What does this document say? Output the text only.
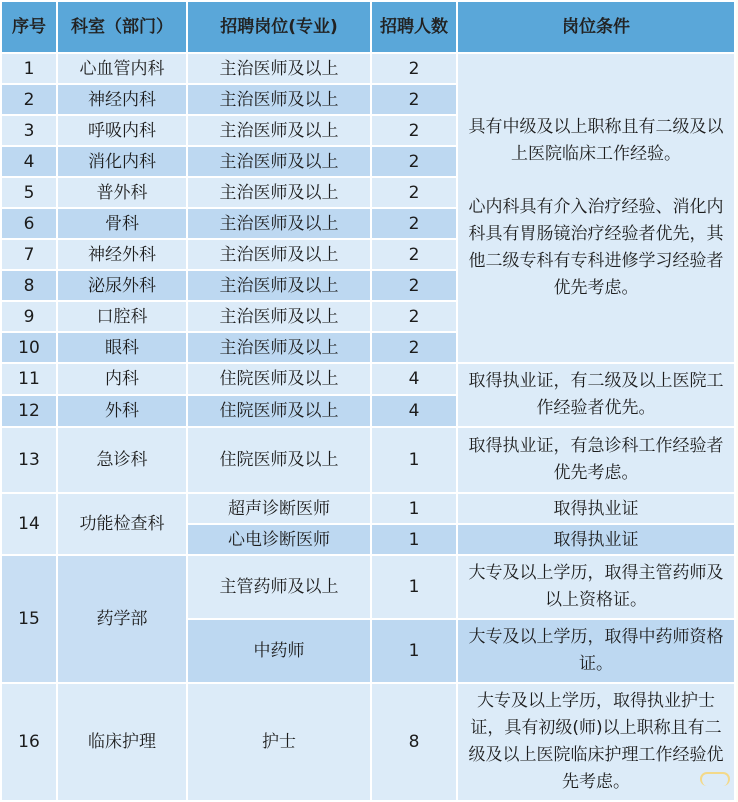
序号	科室（部门）	招聘岗位(专业)	招聘人数	岗位条件
1	心血管内科	主治医师及以上	2	具有中级及以上职称且有二级及以上医院临床工作经验。
心内科具有介入治疗经验、消化内科具有胃肠镜治疗经验者优先，其他二级专科有专科进修学习经验者优先考虑。

2	神经内科	主治医师及以上	2	
3	呼吸内科	主治医师及以上	2	
4	消化内科	主治医师及以上	2	
5	普外科	主治医师及以上	2	
6	骨科	主治医师及以上	2	
7	神经外科	主治医师及以上	2	
8	泌尿外科	主治医师及以上	2	
9	口腔科	主治医师及以上	2	
10	眼科	主治医师及以上	2	
11	内科	住院医师及以上	4	取得执业证，有二级及以上医院工作经验者优先。
12	外科	住院医师及以上	4	
13	急诊科	住院医师及以上	1	取得执业证，有急诊科工作经验者优先考虑。
14	功能检查科	超声诊断医师	1	取得执业证
		心电诊断医师	1	取得执业证
15	药学部	主管药师及以上	1	大专及以上学历，取得主管药师及以上资格证。
		中药师	1	大专及以上学历，取得中药师资格证。
16	临床护理	护士	8	大专及以上学历，取得执业护士证，具有初级(师)以上职称且有二级及以上医院临床护理工作经验优先考虑。
